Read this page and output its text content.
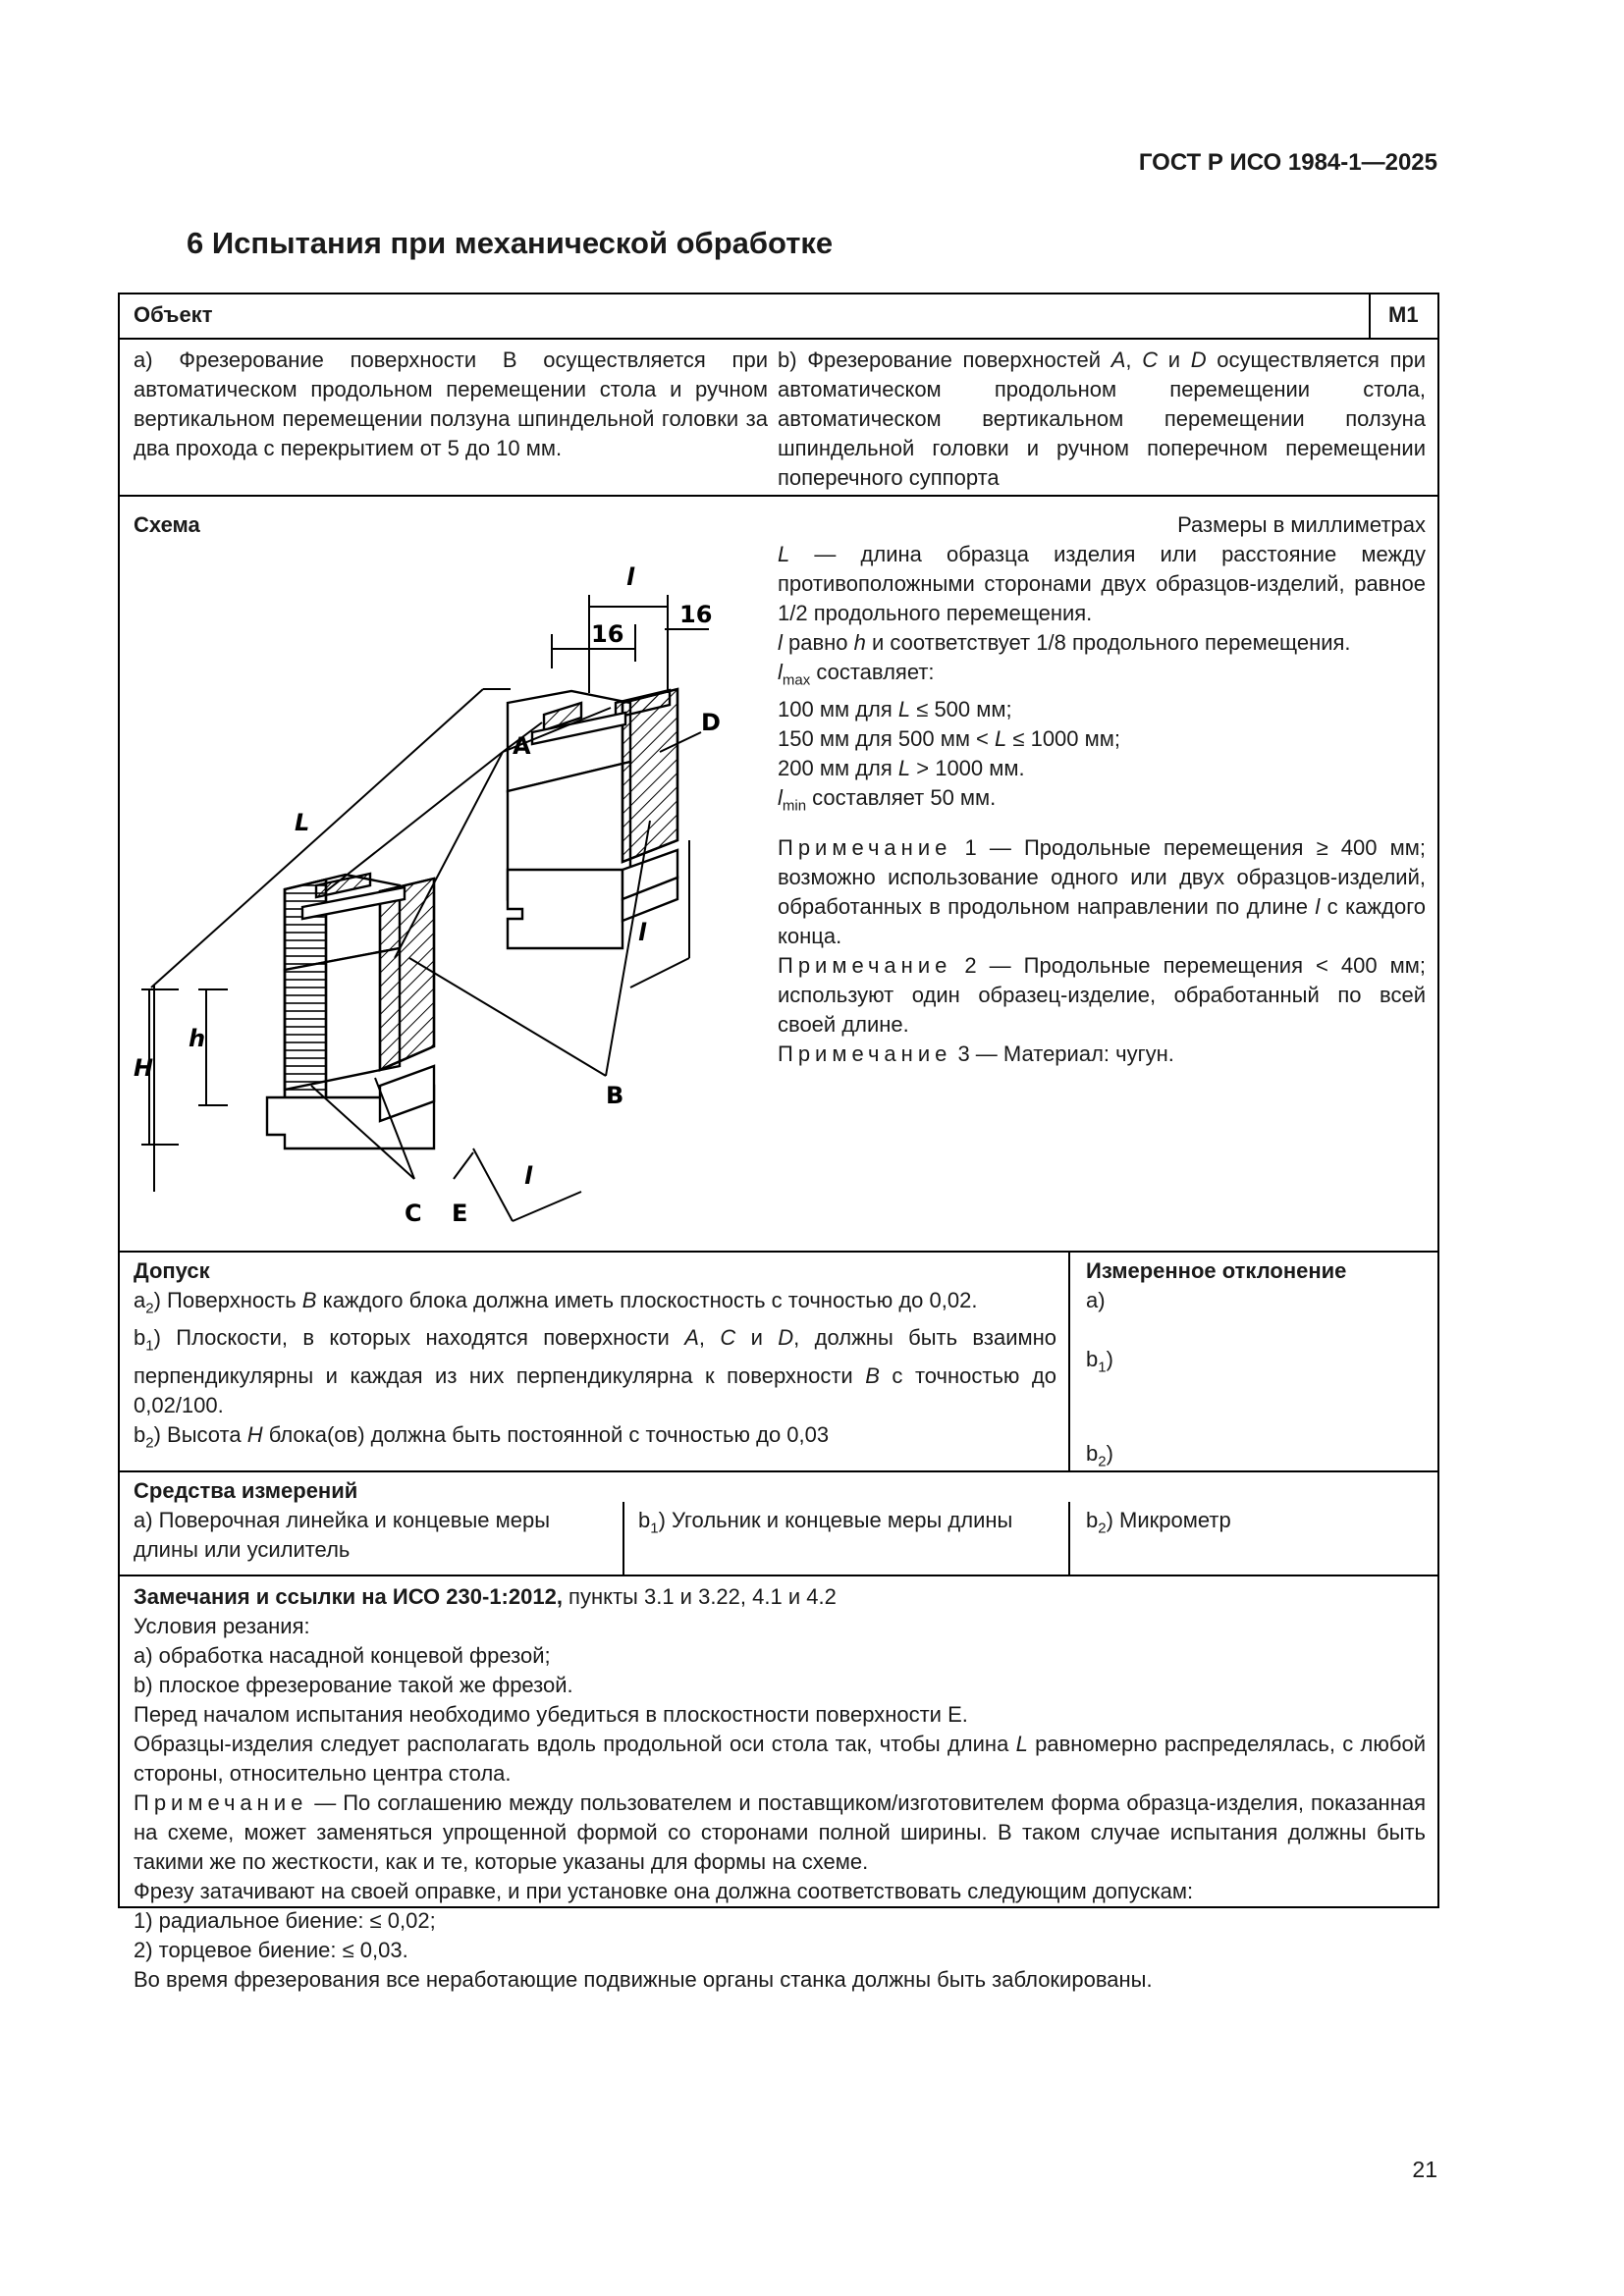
ГОСТ Р ИСО 1984-1—2025
6 Испытания при механической обработке
Объект	М1
а) Фрезерование поверхности В осуществляется при автоматическом продольном перемещении стола и ручном вертикальном перемещении ползуна шпиндельной головки за два прохода с перекрытием от 5 до 10 мм.
b) Фрезерование поверхностей А, С и D осуществляется при автоматическом продольном перемещении стола, автоматическом вертикальном перемещении ползуна шпиндельной головки и ручном поперечном перемещении поперечного суппорта
Схема
16
16
l
L
H
h
A
B
C
D
E
l
l
Размеры в миллиметрах
L — длина образца изделия или расстояние между противоположными сторонами двух образцов-изделий, равное 1/2 продольного перемещения.
l равно h и соответствует 1/8 продольного перемещения.
$l_{max}$ составляет:
100 мм для L ≤ 500 мм;
150 мм для 500 мм < L ≤ 1000 мм;
200 мм для L > 1000 мм.
$l_{min}$ составляет 50 мм.
Примечание 1 — Продольные перемещения ≥ 400 мм; возможно использование одного или двух образцов-изделий, обработанных в продольном направлении по длине l с каждого конца.
Примечание 2 — Продольные перемещения < 400 мм; используют один образец-изделие, обработанный по всей своей длине.
Примечание 3 — Материал: чугун.
Допуск
$а_2$) Поверхность В каждого блока должна иметь плоскостность с точностью до 0,02.
$b_1$) Плоскости, в которых находятся поверхности А, С и D, должны быть взаимно перпендикулярны и каждая из них перпендикулярна к поверхности В с точностью до 0,02/100.
$b_2$) Высота Н блока(ов) должна быть постоянной с точностью до 0,03
Измеренное отклонение
а)
$b_1$)
$b_2$)
Средства измерений
а) Поверочная линейка и концевые меры длины или усилитель
$b_1$) Угольник и концевые меры длины	$b_2$) Микрометр
Замечания и ссылки на ИСО 230-1:2012, пункты 3.1 и 3.22, 4.1 и 4.2
Условия резания:
а) обработка насадной концевой фрезой;
b) плоское фрезерование такой же фрезой.
Перед началом испытания необходимо убедиться в плоскостности поверхности Е.
Образцы-изделия следует располагать вдоль продольной оси стола так, чтобы длина L равномерно распределялась, с любой стороны, относительно центра стола.
Примечание — По соглашению между пользователем и поставщиком/изготовителем форма образца-изделия, показанная на схеме, может заменяться упрощенной формой со сторонами полной ширины. В таком случае испытания должны быть такими же по жесткости, как и те, которые указаны для формы на схеме.
Фрезу затачивают на своей оправке, и при установке она должна соответствовать следующим допускам:
1) радиальное биение: ≤ 0,02;
2) торцевое биение: ≤ 0,03.
Во время фрезерования все неработающие подвижные органы станка должны быть заблокированы.
21
